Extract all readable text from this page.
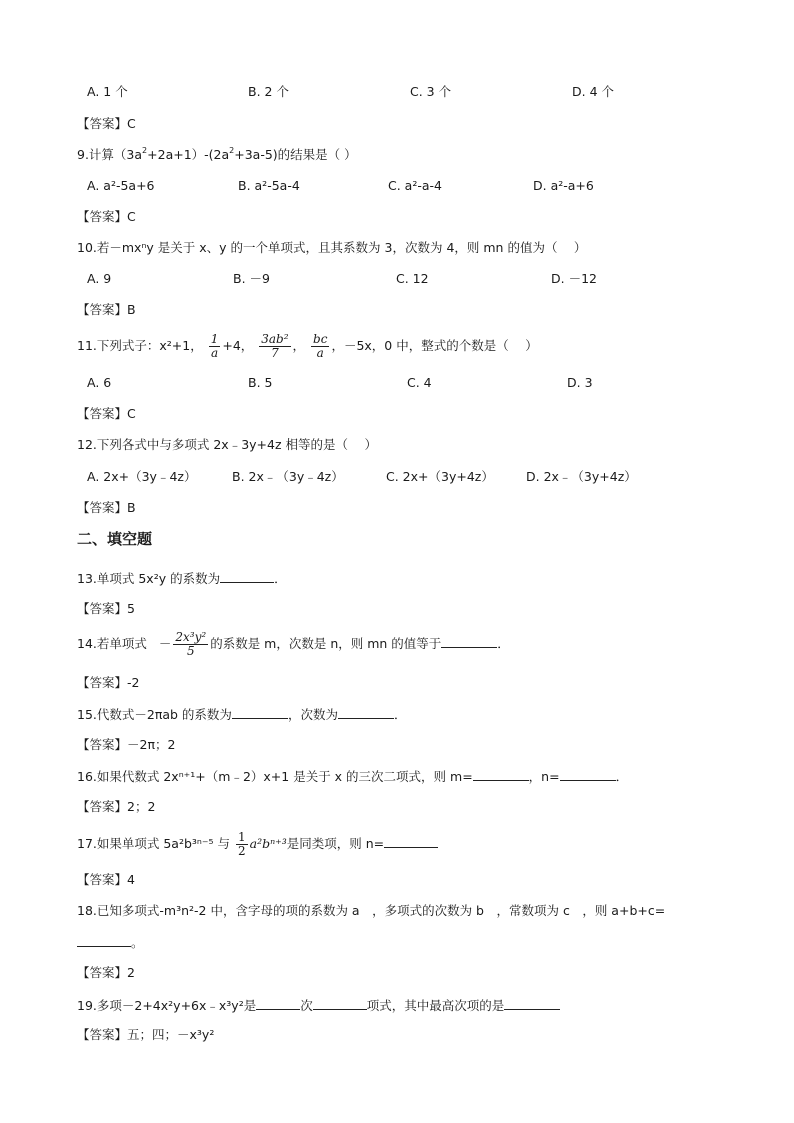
A. 1 个	B. 2 个	C. 3 个	D. 4 个
【答案】C
9.计算$(3a^2+2a+1)-(2a^2+3a-5)$的结果是（ ）
A. a²-5a+6	B. a²-5a-4	C. a²-a-4	D. a²-a+6
【答案】C
10.若－mxⁿy 是关于 x、y 的一个单项式，且其系数为 3，次数为 4，则 mn 的值为（　 ）
A. 9	B. －9	C. 12	D. －12
【答案】B
11.下列式子：x²+1， $\frac{1}{a} +4$， $\frac{\text{3ab²}}{7}$ ， $\frac{bc}{a}$ ，－5x，0 中，整式的个数是（　 ）
A. 6	B. 5	C. 4	D. 3
【答案】C
12.下列各式中与多项式 2x﹣3y+4z 相等的是（　 ）
A. 2x+（3y﹣4z）	B. 2x﹣（3y﹣4z）	C. 2x+（3y+4z）	D. 2x﹣（3y+4z）
【答案】B
二、填空题
13.单项式 5x²y 的系数为	．
【答案】5
14.若单项式 － $\frac{\text{2x³y²}}{5}$ 的系数是 m，次数是 n，则 mn 的值等于	．
【答案】-2
15.代数式－2πab 的系数为	，次数为	．
【答案】－2π；2
16.如果代数式 2xⁿ⁺¹+（m﹣2）x+1 是关于 x 的三次二项式，则 m=	，n=	．
【答案】2；2
17.如果单项式 5a²b³ⁿ⁻⁵ 与 $\frac{1}{2} a^2b^{n+3}$是同类项，则 n=
【答案】4
18.已知多项式-m³n²-2 中，含字母的项的系数为 a　，多项式的次数为 b　，常数项为 c　，则 a+b+c=
。
【答案】2
19.多项－2+4x²y+6x﹣x³y²是	次	项式，其中最高次项的是
【答案】五；四；－x³y²
